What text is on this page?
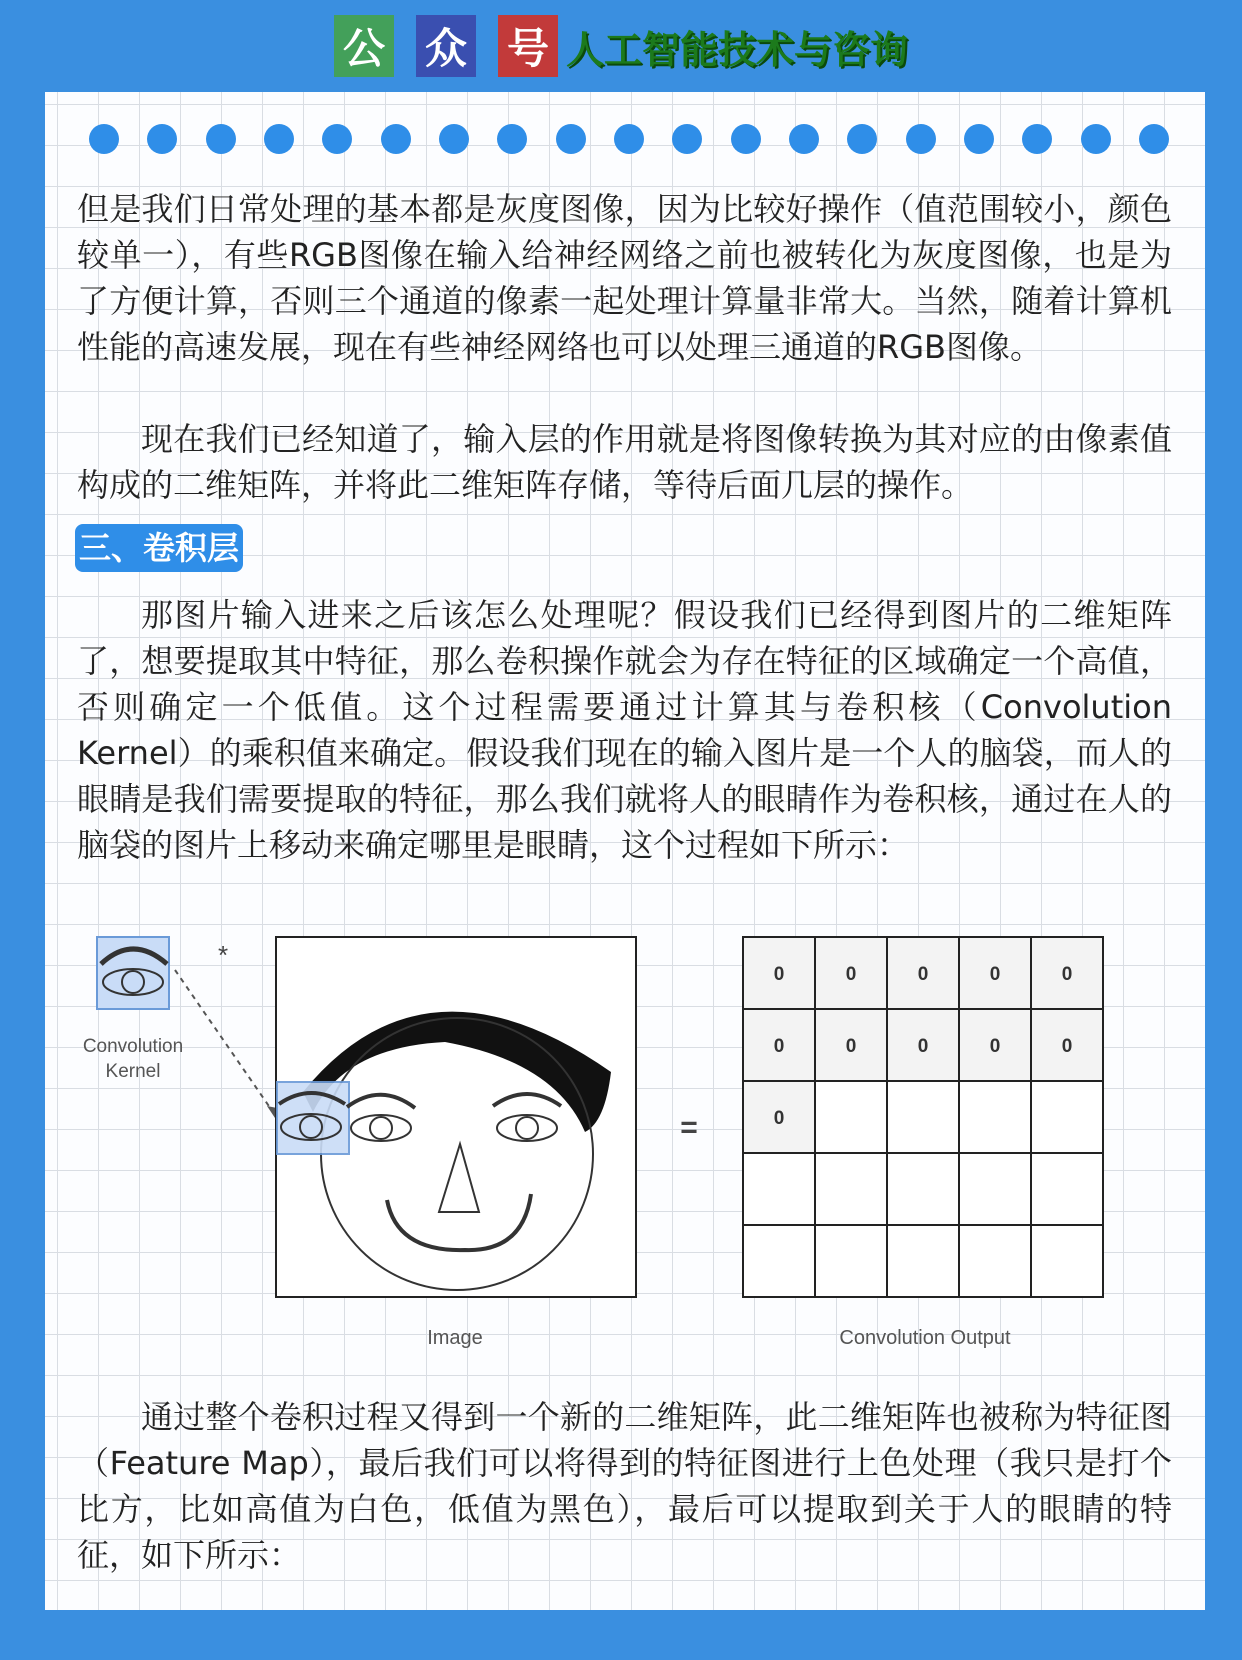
公 众 号 人工智能技术与咨询
但是我们日常处理的基本都是灰度图像，因为比较好操作（值范围较小，颜色较单一），有些RGB图像在输入给神经网络之前也被转化为灰度图像，也是为了方便计算，否则三个通道的像素一起处理计算量非常大。当然，随着计算机性能的高速发展，现在有些神经网络也可以处理三通道的RGB图像。
现在我们已经知道了，输入层的作用就是将图像转换为其对应的由像素值构成的二维矩阵，并将此二维矩阵存储，等待后面几层的操作。
三、卷积层
那图片输入进来之后该怎么处理呢？假设我们已经得到图片的二维矩阵了，想要提取其中特征，那么卷积操作就会为存在特征的区域确定一个高值，否则确定一个低值。这个过程需要通过计算其与卷积核（Convolution Kernel）的乘积值来确定。假设我们现在的输入图片是一个人的脑袋，而人的眼睛是我们需要提取的特征，那么我们就将人的眼睛作为卷积核，通过在人的脑袋的图片上移动来确定哪里是眼睛，这个过程如下所示：
Convolution
Kernel
*
=
0	0	0	0	0
0	0	0	0	0
0
Image	Convolution Output
通过整个卷积过程又得到一个新的二维矩阵，此二维矩阵也被称为特征图（Feature Map），最后我们可以将得到的特征图进行上色处理（我只是打个比方，比如高值为白色，低值为黑色），最后可以提取到关于人的眼睛的特征，如下所示：
